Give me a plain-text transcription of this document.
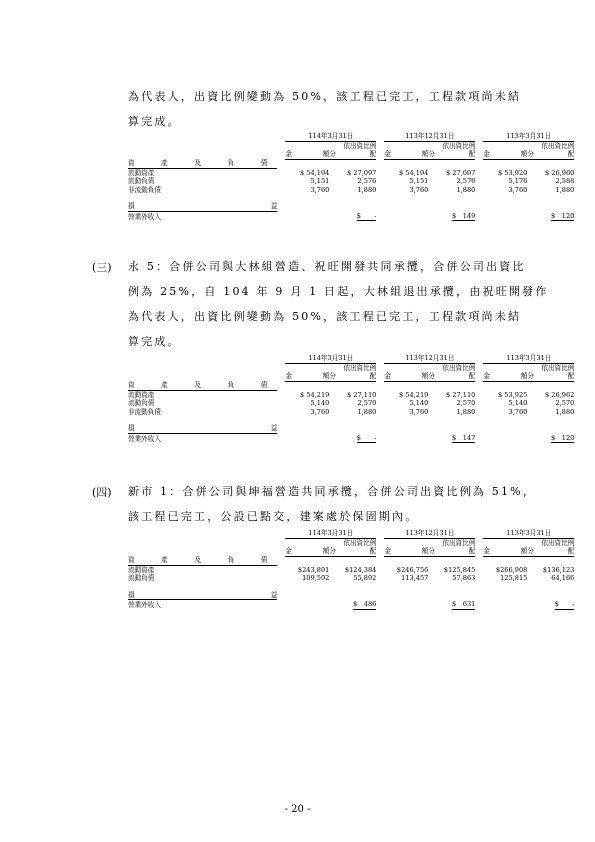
為代表人，出資比例變動為 50%，該工程已完工，工程款項尚未結
算完成。
		114年3月31日			113年12月31日			113年3月31日	
			依出資比例			依出資比例			依出資比例

		金 額	分 配		金 額	分 配		金 額	分 配

資　產　及　負　債									
流動資產		$ 54,194	$ 27,097		$ 54,194	$ 27,097		$ 53,920	$ 26,960
流動負債		5,151	2,576		5,151	2,576		5,176	2,588
非流動負債		3,760	1,880		3,760	1,880		3,760	1,880

損 益									

營業外收入			$　　-			$　149			$　120
(三) 永 5：合併公司與大林組營造、祝旺開發共同承攬，合併公司出資比
例為 25%，自 104 年 9 月 1 日起，大林組退出承攬，由祝旺開發作
為代表人，出資比例變動為 50%，該工程已完工，工程款項尚未結
算完成。
		114年3月31日			113年12月31日			113年3月31日	
			依出資比例			依出資比例			依出資比例

		金 額	分 配		金 額	分 配		金 額	分 配

資　產　及　負　債									
流動資產		$ 54,219	$ 27,110		$ 54,219	$ 27,110		$ 53,925	$ 26,962
流動負債		5,140	2,570		5,140	2,570		5,140	2,570
非流動負債		3,760	1,880		3,760	1,880		3,760	1,880

損 益									

營業外收入			$　　-			$　147			$　120
(四) 新市 1：合併公司與坤福營造共同承攬，合併公司出資比例為 51%，
該工程已完工，公設已點交，建案處於保固期內。
		114年3月31日			113年12月31日			113年3月31日	
			依出資比例			依出資比例			依出資比例

		金 額	分 配		金 額	分 配		金 額	分 配

資　產　及　負　債									
流動資產		$243,891	$124,384		$246,756	$125,845		$266,908	$136,123
流動負債		109,592	55,892		113,457	57,863		125,815	64,166

損 益									

營業外收入			$　486			$　631			$　　-
- 20 -
